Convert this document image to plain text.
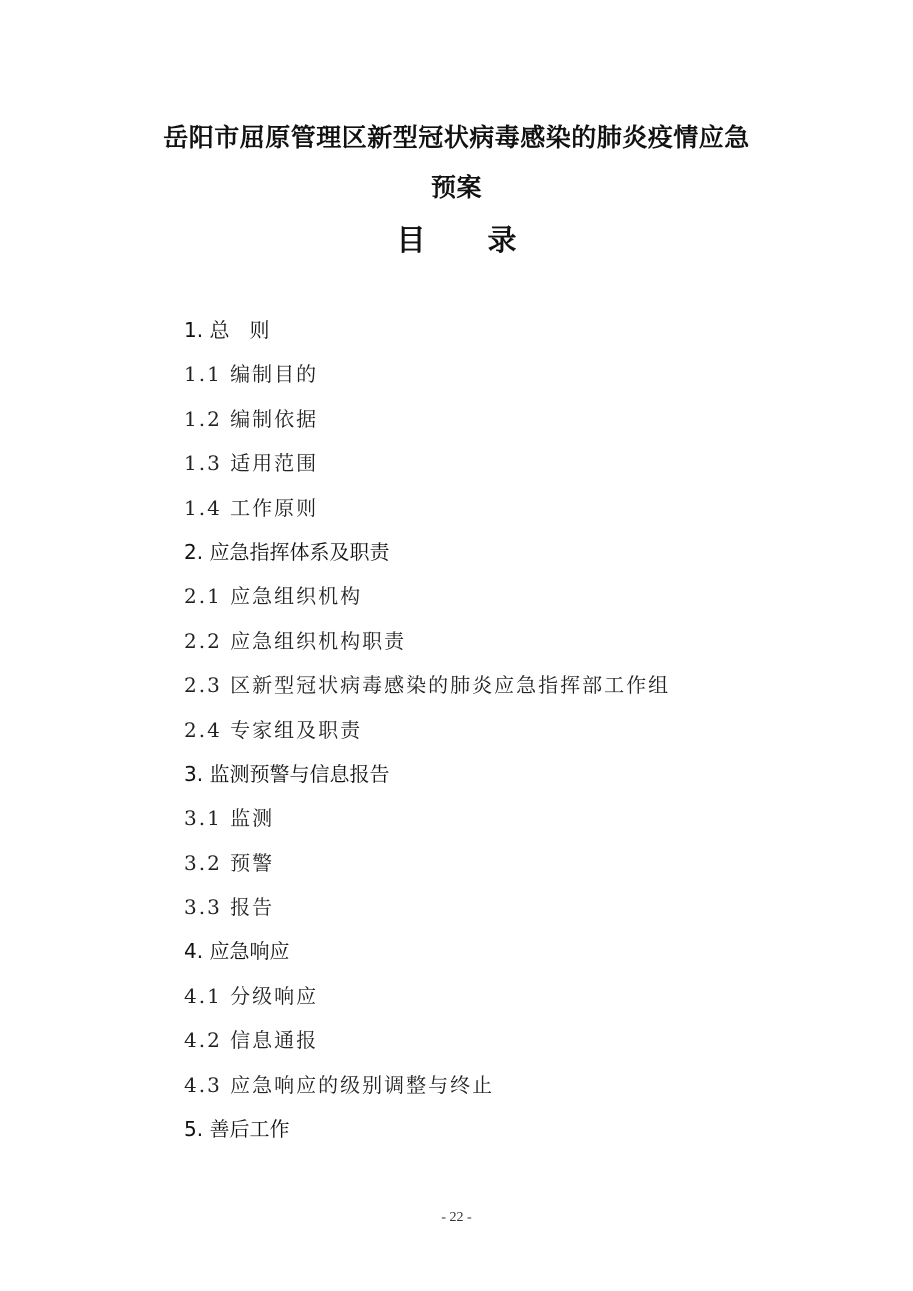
岳阳市屈原管理区新型冠状病毒感染的肺炎疫情应急
预案
目 录
1. 总　则
1.1 编制目的
1.2 编制依据
1.3 适用范围
1.4 工作原则
2. 应急指挥体系及职责
2.1 应急组织机构
2.2 应急组织机构职责
2.3 区新型冠状病毒感染的肺炎应急指挥部工作组
2.4 专家组及职责
3. 监测预警与信息报告
3.1 监测
3.2 预警
3.3 报告
4. 应急响应
4.1 分级响应
4.2 信息通报
4.3 应急响应的级别调整与终止
5. 善后工作
- 22 -
